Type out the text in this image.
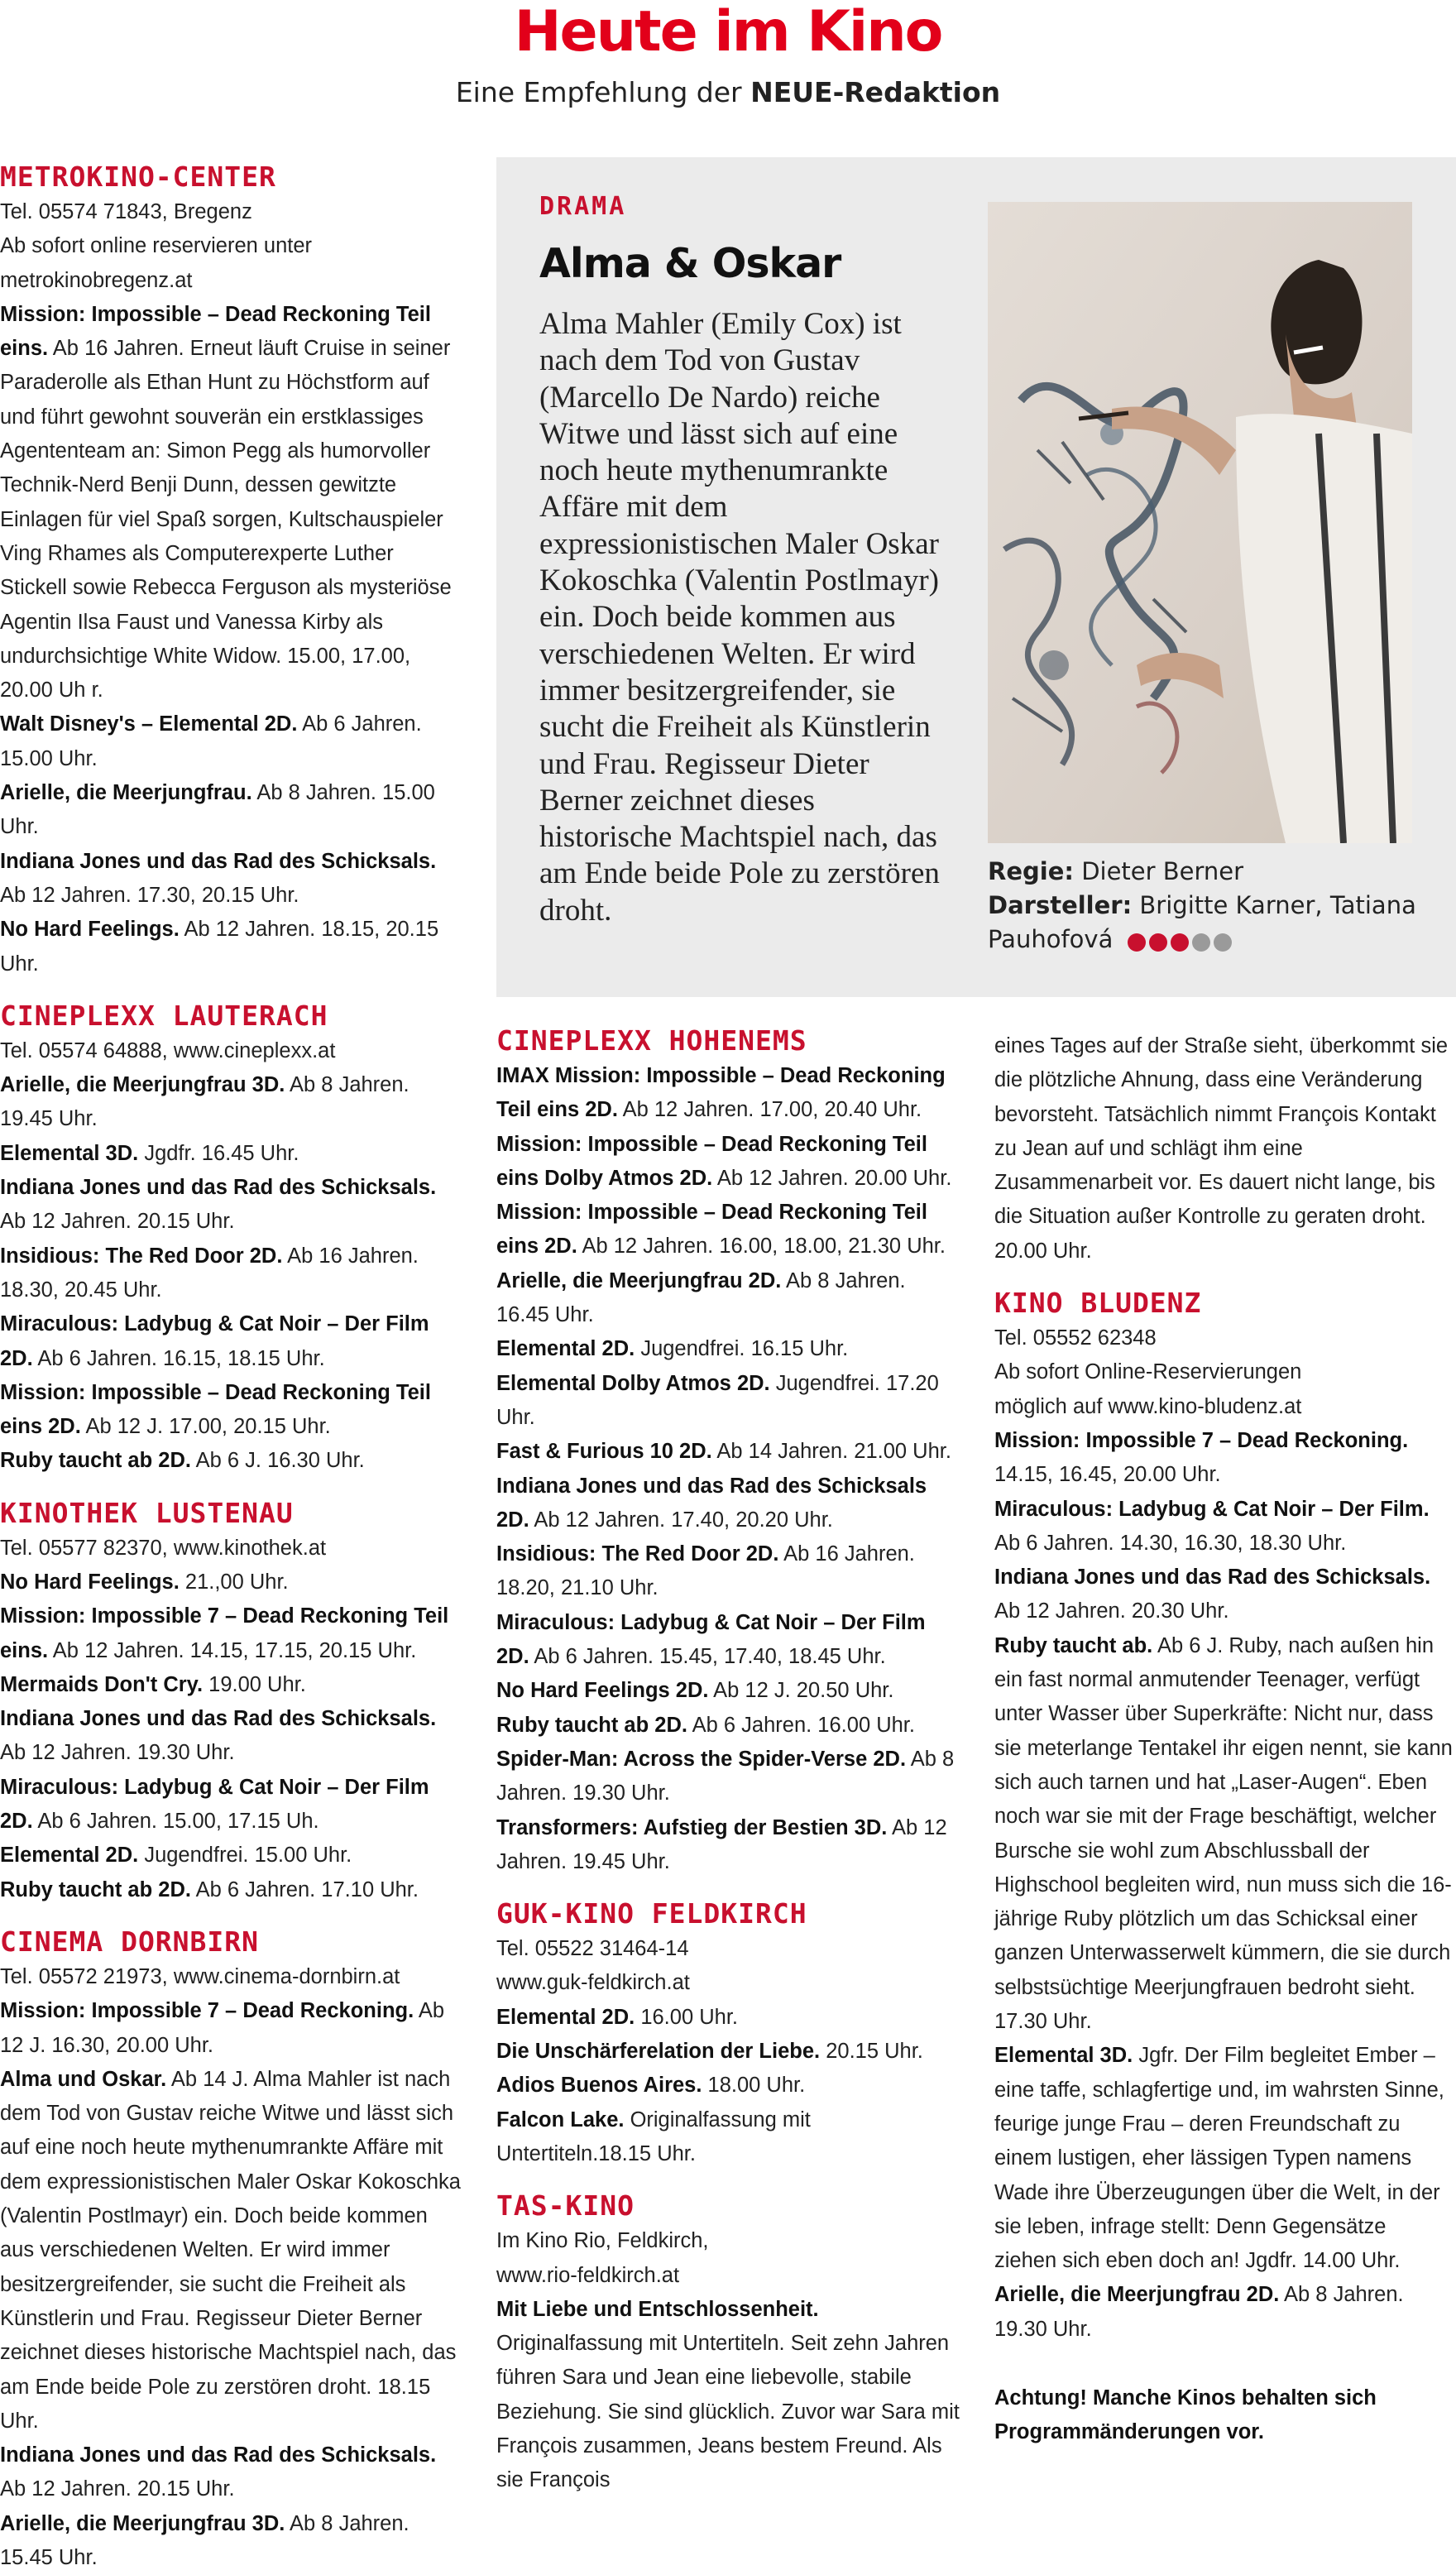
Heute im Kino
Eine Empfehlung der NEUE-Redaktion

METROKINO-CENTER

Tel. 05574 71843, Bregenz

Ab sofort online reservieren unter

metrokinobregenz.at

Mission: Impossible – Dead Reckoning Teil eins. Ab 16 Jahren. Erneut läuft Cruise in seiner Paraderolle als Ethan Hunt zu Höchstform auf und führt gewohnt souverän ein erstklassiges Agententeam an: Simon Pegg als humorvoller Technik-Nerd Benji Dunn, dessen gewitzte Einlagen für viel Spaß sorgen, Kultschauspieler Ving Rhames als Computerexperte Luther Stickell sowie Rebecca Ferguson als mysteriöse Agentin Ilsa Faust und Vanessa Kirby als undurchsichtige White Widow. 15.00, 17.00, 20.00 Uh r.

Walt Disney's – Elemental 2D. Ab 6 Jahren. 15.00 Uhr.

Arielle, die Meerjungfrau. Ab 8 Jahren. 15.00 Uhr.

Indiana Jones und das Rad des Schicksals. Ab 12 Jahren. 17.30, 20.15 Uhr.

No Hard Feelings. Ab 12 Jahren. 18.15, 20.15 Uhr.

CINEPLEXX LAUTERACH

Tel. 05574 64888, www.cineplexx.at

Arielle, die Meerjungfrau 3D. Ab 8 Jahren. 19.45 Uhr.

Elemental 3D. Jgdfr. 16.45 Uhr.

Indiana Jones und das Rad des Schicksals. Ab 12 Jahren. 20.15 Uhr.

Insidious: The Red Door 2D. Ab 16 Jahren. 18.30, 20.45 Uhr.

Miraculous: Ladybug & Cat Noir – Der Film 2D. Ab 6 Jahren. 16.15, 18.15 Uhr.

Mission: Impossible – Dead Reckoning Teil eins 2D. Ab 12 J. 17.00, 20.15 Uhr.

Ruby taucht ab 2D. Ab 6 J. 16.30 Uhr.

KINOTHEK LUSTENAU

Tel. 05577 82370, www.kinothek.at

No Hard Feelings. 21.,00 Uhr.

Mission: Impossible 7 – Dead Reckoning Teil eins. Ab 12 Jahren. 14.15, 17.15, 20.15 Uhr.

Mermaids Don't Cry. 19.00 Uhr.

Indiana Jones und das Rad des Schicksals. Ab 12 Jahren. 19.30 Uhr.

Miraculous: Ladybug & Cat Noir – Der Film 2D. Ab 6 Jahren. 15.00, 17.15 Uh.

Elemental 2D. Jugendfrei. 15.00 Uhr.

Ruby taucht ab 2D. Ab 6 Jahren. 17.10 Uhr.

CINEMA DORNBIRN

Tel. 05572 21973, www.cinema-dornbirn.at

Mission: Impossible 7 – Dead Reckoning. Ab 12 J. 16.30, 20.00 Uhr.

Alma und Oskar. Ab 14 J. Alma Mahler ist nach dem Tod von Gustav reiche Witwe und lässt sich auf eine noch heute mythenumrankte Affäre mit dem expressionistischen Maler Oskar Kokoschka (Valentin Postlmayr) ein. Doch beide kommen aus verschiedenen Welten. Er wird immer besitzergreifender, sie sucht die Freiheit als Künstlerin und Frau. Regisseur Dieter Berner zeichnet dieses historische Machtspiel nach, das am Ende beide Pole zu zerstören droht. 18.15 Uhr.

Indiana Jones und das Rad des Schicksals. Ab 12 Jahren. 20.15 Uhr.

Arielle, die Meerjungfrau 3D. Ab 8 Jahren. 15.45 Uhr.

DRAMA
Alma & Oskar
Alma Mahler (Emily Cox) ist nach dem Tod von Gustav (Marcello De Nardo) reiche Witwe und lässt sich auf eine noch heute mythenumrankte Affäre mit dem expressionistischen Maler Oskar Kokoschka (Valentin Postlmayr) ein. Doch beide kommen aus verschiedenen Welten. Er wird immer besitzergreifender, sie sucht die Freiheit als Künstlerin und Frau. Regisseur Dieter Berner zeichnet dieses historische Machtspiel nach, das am Ende beide Pole zu zerstören droht.
Regie: Dieter Berner
Darsteller: Brigitte Karner, Tatiana Pauhofová

CINEPLEXX HOHENEMS

IMAX Mission: Impossible – Dead Reckoning Teil eins 2D. Ab 12 Jahren. 17.00, 20.40 Uhr.

Mission: Impossible – Dead Reckoning Teil eins Dolby Atmos 2D. Ab 12 Jahren. 20.00 Uhr.

Mission: Impossible – Dead Reckoning Teil eins 2D. Ab 12 Jahren. 16.00, 18.00, 21.30 Uhr.

Arielle, die Meerjungfrau 2D. Ab 8 Jahren. 16.45 Uhr.

Elemental 2D. Jugendfrei. 16.15 Uhr.

Elemental Dolby Atmos 2D. Jugendfrei. 17.20 Uhr.

Fast & Furious 10 2D. Ab 14 Jahren. 21.00 Uhr.

Indiana Jones und das Rad des Schicksals 2D. Ab 12 Jahren. 17.40, 20.20 Uhr.

Insidious: The Red Door 2D. Ab 16 Jahren. 18.20, 21.10 Uhr.

Miraculous: Ladybug & Cat Noir – Der Film 2D. Ab 6 Jahren. 15.45, 17.40, 18.45 Uhr.

No Hard Feelings 2D. Ab 12 J. 20.50 Uhr.

Ruby taucht ab 2D. Ab 6 Jahren. 16.00 Uhr.

Spider-Man: Across the Spider-Verse 2D. Ab 8 Jahren. 19.30 Uhr.

Transformers: Aufstieg der Bestien 3D. Ab 12 Jahren. 19.45 Uhr.

GUK-KINO FELDKIRCH

Tel. 05522 31464-14

www.guk-feldkirch.at

Elemental 2D. 16.00 Uhr.

Die Unschärferelation der Liebe. 20.15 Uhr.

Adios Buenos Aires. 18.00 Uhr.

Falcon Lake. Originalfassung mit Untertiteln.18.15 Uhr.

TAS-KINO

Im Kino Rio, Feldkirch,

www.rio-feldkirch.at

Mit Liebe und Entschlossenheit. Originalfassung mit Untertiteln. Seit zehn Jahren führen Sara und Jean eine liebevolle, stabile Beziehung. Sie sind glücklich. Zuvor war Sara mit François zusammen, Jeans bestem Freund. Als sie François

eines Tages auf der Straße sieht, überkommt sie die plötzliche Ahnung, dass eine Veränderung bevorsteht. Tatsächlich nimmt François Kontakt zu Jean auf und schlägt ihm eine Zusammenarbeit vor. Es dauert nicht lange, bis die Situation außer Kontrolle zu geraten droht. 20.00 Uhr.

KINO BLUDENZ

Tel. 05552 62348

Ab sofort Online-Reservierungen

möglich auf www.kino-bludenz.at

Mission: Impossible 7 – Dead Reckoning. 14.15, 16.45, 20.00 Uhr.

Miraculous: Ladybug & Cat Noir – Der Film. Ab 6 Jahren. 14.30, 16.30, 18.30 Uhr.

Indiana Jones und das Rad des Schicksals. Ab 12 Jahren. 20.30 Uhr.

Ruby taucht ab. Ab 6 J. Ruby, nach außen hin ein fast normal anmutender Teenager, verfügt unter Wasser über Superkräfte: Nicht nur, dass sie meterlange Tentakel ihr eigen nennt, sie kann sich auch tarnen und hat „Laser-Augen“. Eben noch war sie mit der Frage beschäftigt, welcher Bursche sie wohl zum Abschlussball der Highschool begleiten wird, nun muss sich die 16-jährige Ruby plötzlich um das Schicksal einer ganzen Unterwasserwelt kümmern, die sie durch selbstsüchtige Meerjungfrauen bedroht sieht. 17.30 Uhr.

Elemental 3D. Jgfr. Der Film begleitet Ember – eine taffe, schlagfertige und, im wahrsten Sinne, feurige junge Frau – deren Freundschaft zu einem lustigen, eher lässigen Typen namens Wade ihre Überzeugungen über die Welt, in der sie leben, infrage stellt: Denn Gegensätze ziehen sich eben doch an! Jgdfr. 14.00 Uhr.

Arielle, die Meerjungfrau 2D. Ab 8 Jahren. 19.30 Uhr.

Achtung! Manche Kinos behalten sich Programmänderungen vor.
